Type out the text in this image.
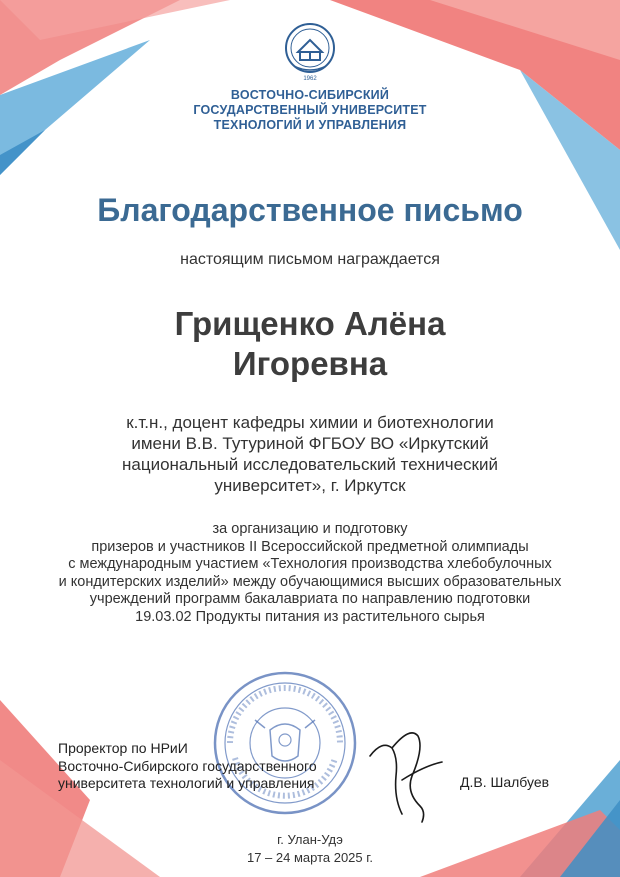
1962
ВОСТОЧНО-СИБИРСКИЙ
ГОСУДАРСТВЕННЫЙ УНИВЕРСИТЕТ
ТЕХНОЛОГИЙ И УПРАВЛЕНИЯ
Благодарственное письмо
настоящим письмом награждается
Грищенко Алёна
Игоревна
к.т.н., доцент кафедры химии и биотехнологии
имени В.В. Тутуриной ФГБОУ ВО «Иркутский
национальный исследовательский технический
университет», г. Иркутск
за организацию и подготовку
призеров и участников II Всероссийской предметной олимпиады
с международным участием «Технология производства хлебобулочных
и кондитерских изделий» между обучающимися высших образовательных
учреждений программ бакалавриата по направлению подготовки
19.03.02 Продукты питания из растительного сырья
Проректор по НРиИ
Восточно-Сибирского государственного
университета технологий и управления	Д.В. Шалбуев
г. Улан-Удэ
17 – 24 марта 2025 г.
